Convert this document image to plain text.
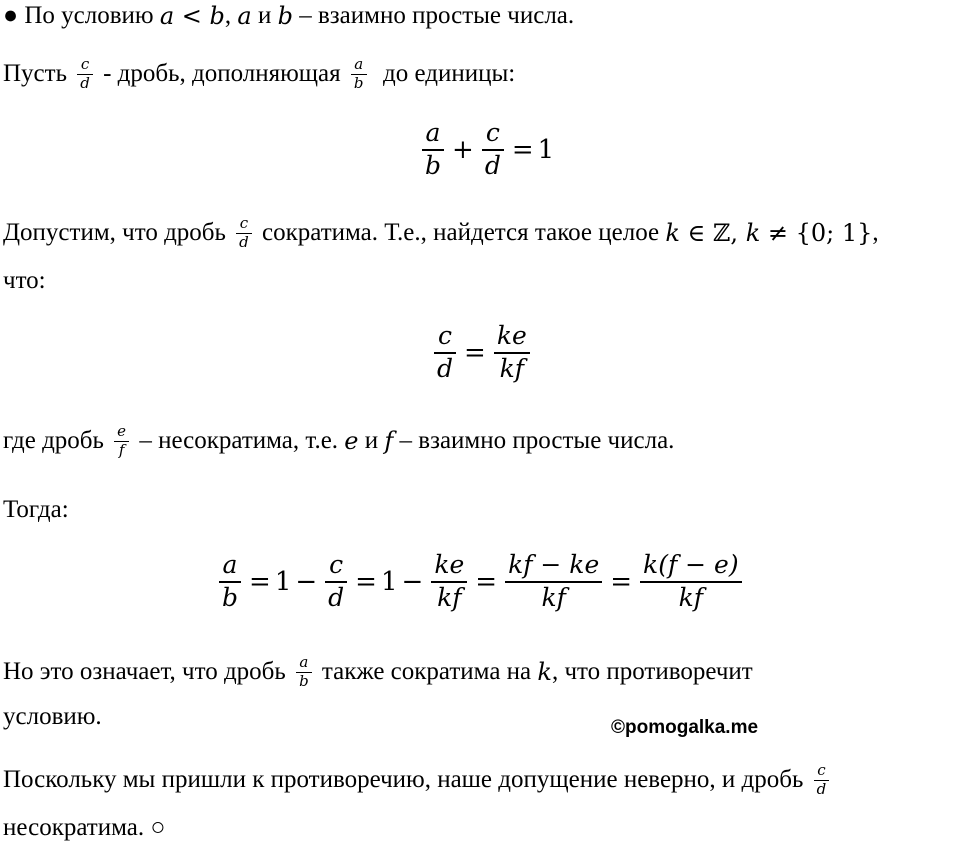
● По условию a < b , a и b – взаимно простые числа.
Пусть $\frac{c}{d}$ - дробь, дополняющая $\frac{a}{b}$ до единицы:
$\frac{a}{b} + \frac{c}{d} = 1$
Допустим, что дробь $\frac{c}{d}$ сократима. Т.е., найдется такое целое k ∈ ℤ, k ≠ {0; 1} ,
что:
$\frac{c}{d} = \frac{ke}{kf}$
где дробь $\frac{e}{f}$ – несократима, т.е. e и f – взаимно простые числа.
Тогда:
$\frac{a}{b} = 1 - \frac{c}{d} = 1 - \frac{ke}{kf} = \frac{kf - ke}{kf} = \frac{k(f - e)}{kf}$
Но это означает, что дробь $\frac{a}{b}$ также сократима на k , что противоречит
условию.	©pomogalka.me
Поскольку мы пришли к противоречию, наше допущение неверно, и дробь $\frac{c}{d}$
несократима. ○
